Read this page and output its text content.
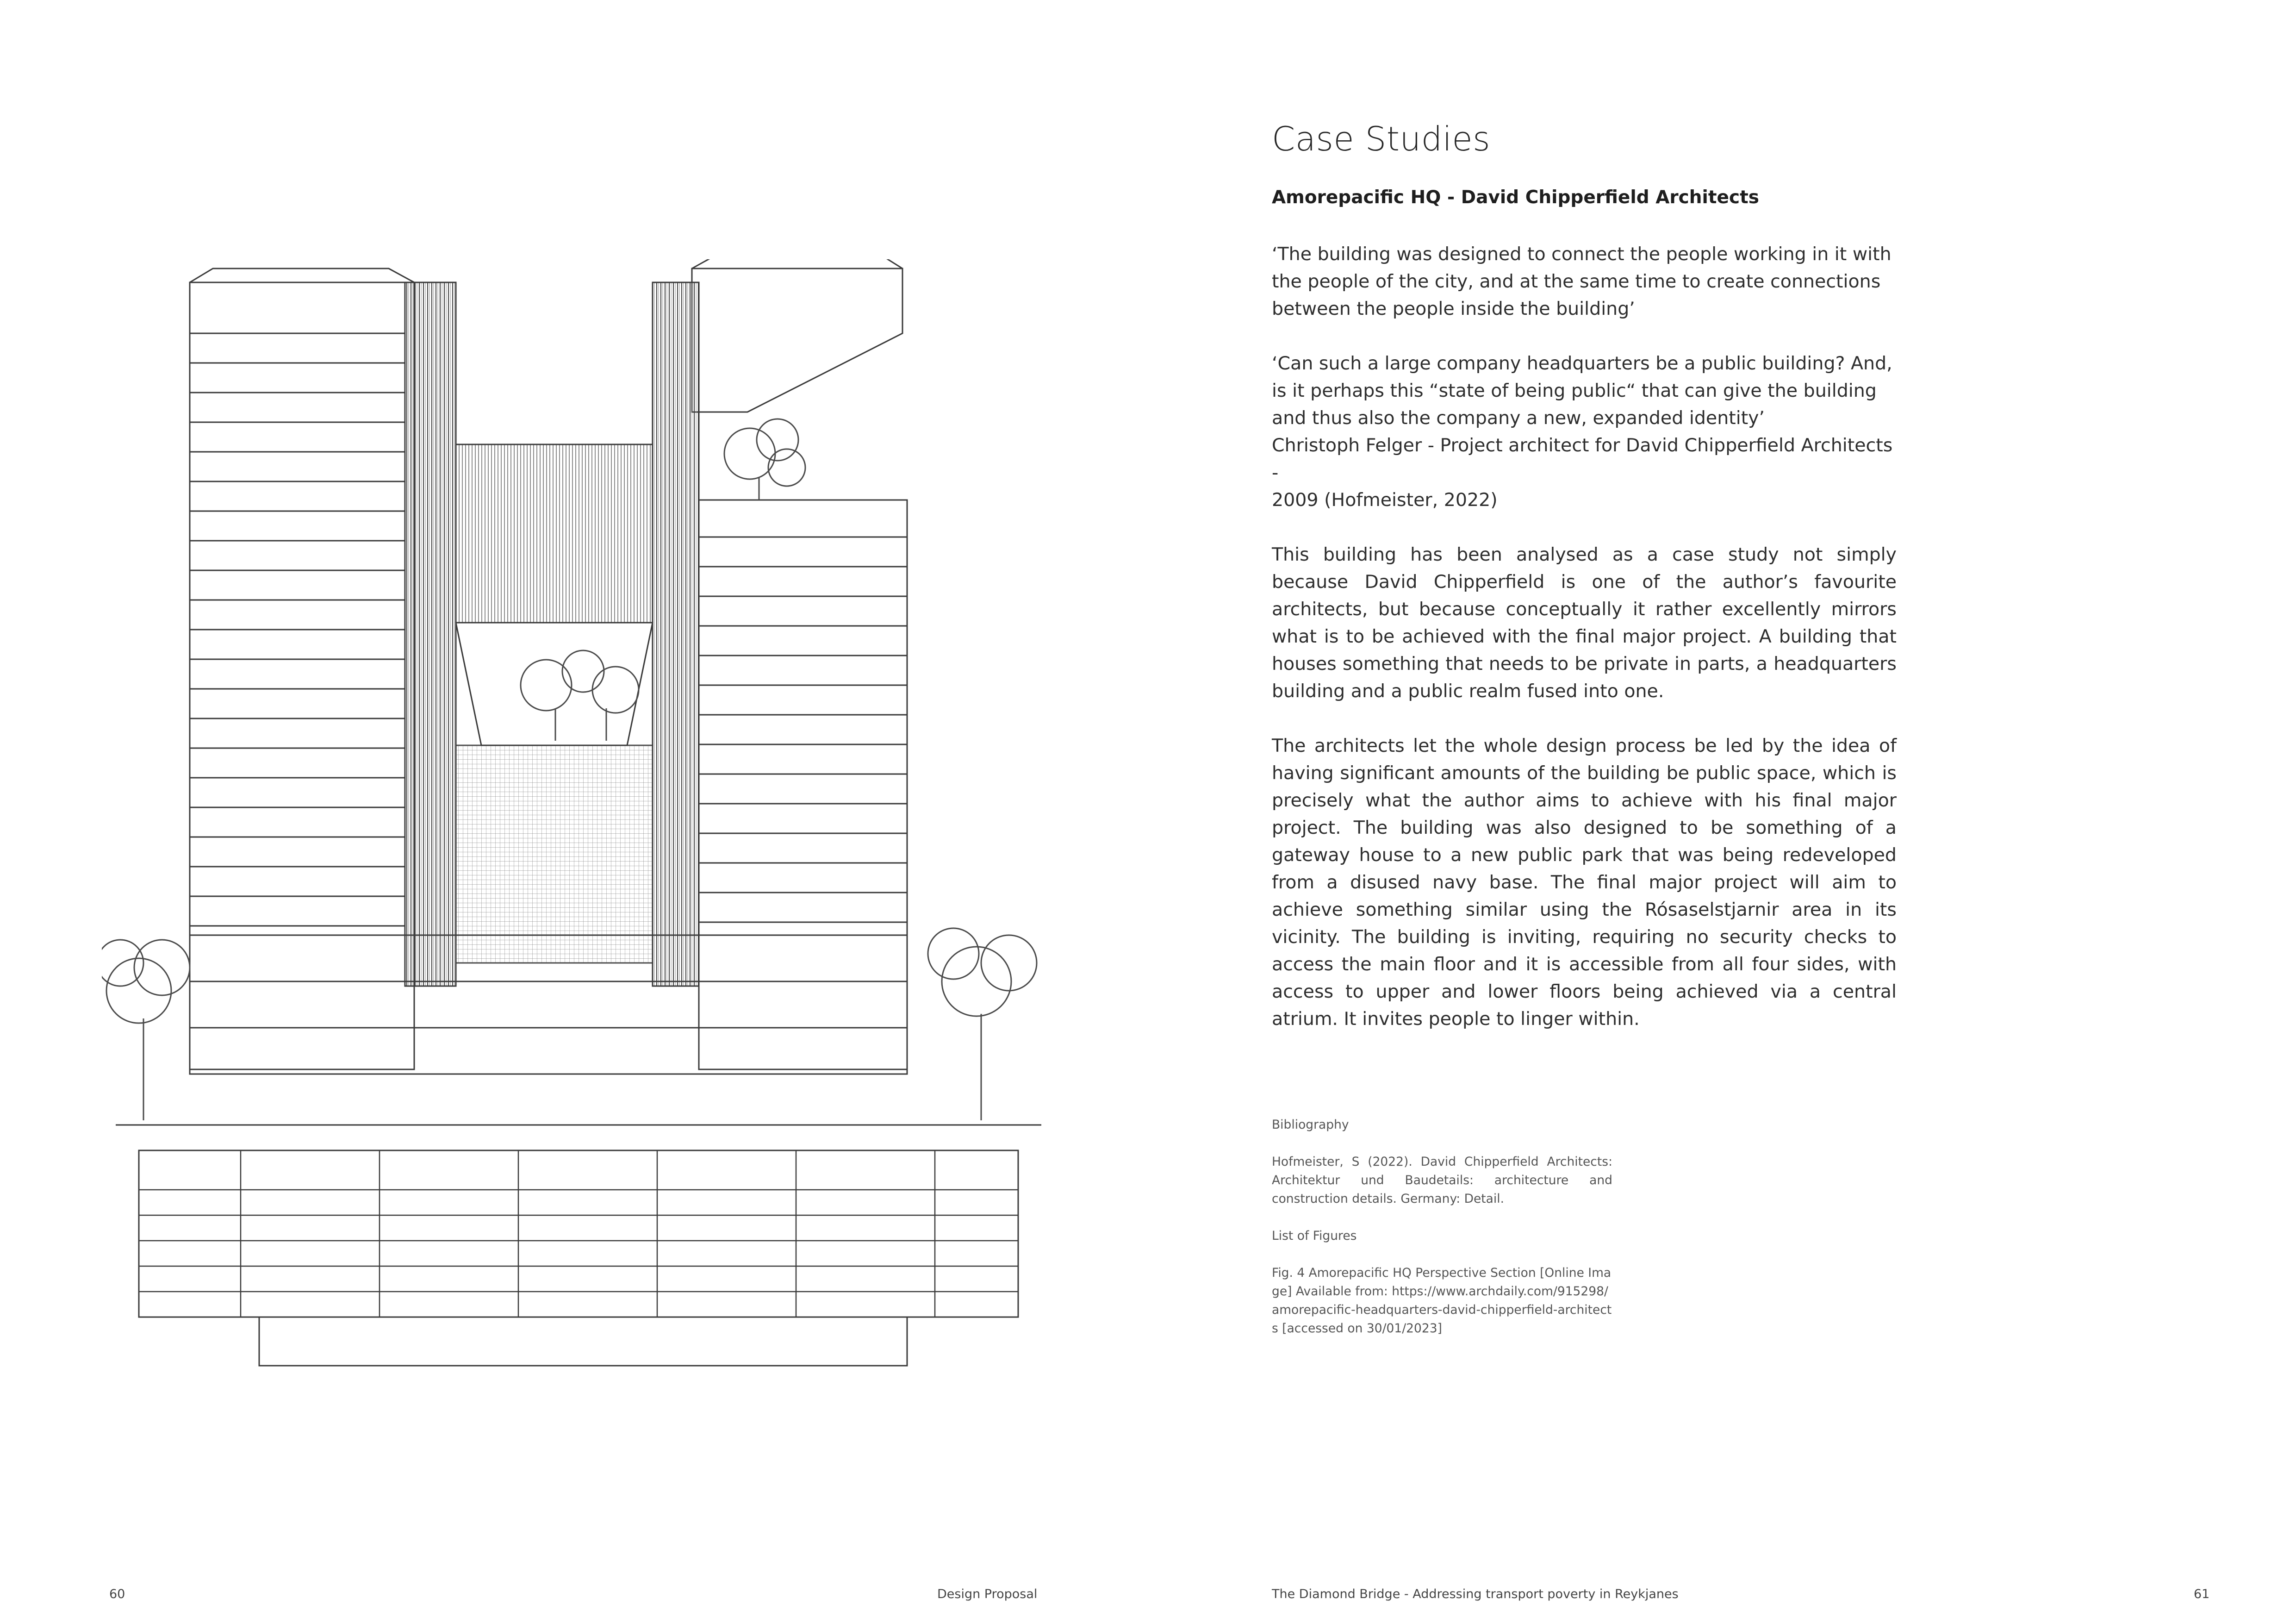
60	Design Proposal
Case Studies
Amorepacific HQ - David Chipperfield Architects

‘The building was designed to connect the people working in it with the people of the city, and at the same time to create connections between the people inside the building’

‘Can such a large company headquarters be a public building? And, is it perhaps this “state of being public“ that can give the building and thus also the company a new, expanded identity’
Christoph Felger - Project architect for David Chipperfield Architects -
2009 (Hofmeister, 2022)

This building has been analysed as a case study not simply because David Chipperfield is one of the author’s favourite architects, but because conceptually it rather excellently mirrors what is to be achieved with the final major project. A building that houses something that needs to be private in parts, a headquarters building and a public realm fused into one.

The architects let the whole design process be led by the idea of having significant amounts of the building be public space, which is precisely what the author aims to achieve with his final major project. The building was also designed to be something of a gateway house to a new public park that was being redeveloped from a disused navy base. The final major project will aim to achieve something similar using the Rósaselstjarnir area in its vicinity. The building is inviting, requiring no security checks to access the main floor and it is accessible from all four sides, with access to upper and lower floors being achieved via a central atrium. It invites people to linger within.

Bibliography

Hofmeister, S (2022). David Chipperfield Architects: Architektur und Baudetails: architecture and construction details. Germany: Detail.

List of Figures

Fig. 4 Amorepacific HQ Perspective Section [Online Image] Available from: https://www.archdaily.com/915298/amorepacific-headquarters-david-chipperfield-architects [accessed on 30/01/2023]

The Diamond Bridge - Addressing transport poverty in Reykjanes	61
